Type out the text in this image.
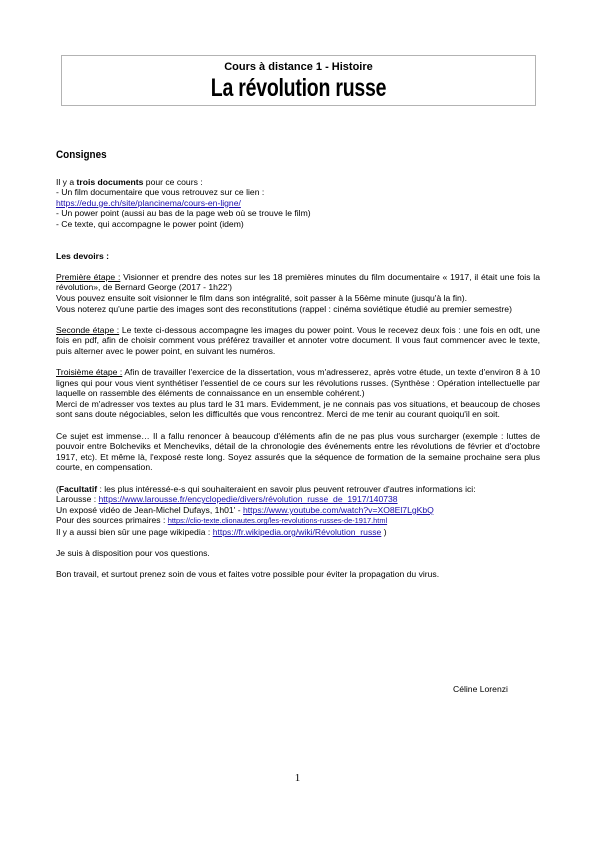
Cours à distance 1 - Histoire
La révolution russe
Consignes

Il y a trois documents pour ce cours :

- Un film documentaire que vous retrouvez sur ce lien :

https://edu.ge.ch/site/plancinema/cours-en-ligne/

- Un power point (aussi au bas de la page web où se trouve le film)

- Ce texte, qui accompagne le power point (idem)

Les devoirs :

Première étape : Visionner et prendre des notes sur les 18 premières minutes du film documentaire « 1917, il était une fois la révolution», de Bernard George (2017 - 1h22')

Vous pouvez ensuite soit visionner le film dans son intégralité, soit passer à la 56ème minute (jusqu'à la fin).

Vous noterez qu'une partie des images sont des reconstitutions (rappel : cinéma soviétique étudié au premier semestre)

Seconde étape : Le texte ci-dessous accompagne les images du power point. Vous le recevez deux fois : une fois en odt, une fois en pdf, afin de choisir comment vous préférez travailler et annoter votre document. Il vous faut commencer avec le texte, puis alterner avec le power point, en suivant les numéros.

Troisième étape : Afin de travailler l'exercice de la dissertation, vous m'adresserez, après votre étude, un texte d'environ 8 à 10 lignes qui pour vous vient synthétiser l'essentiel de ce cours sur les révolutions russes. (Synthèse : Opération intellectuelle par laquelle on rassemble des éléments de connaissance en un ensemble cohérent.)

Merci de m'adresser vos textes au plus tard le 31 mars. Evidemment, je ne connais pas vos situations, et beaucoup de choses sont sans doute négociables, selon les difficultés que vous rencontrez. Merci de me tenir au courant quoiqu'il en soit.

Ce sujet est immense… Il a fallu renoncer à beaucoup d'éléments afin de ne pas plus vous surcharger (exemple : luttes de pouvoir entre Bolcheviks et Mencheviks, détail de la chronologie des événements entre les révolutions de février et d'octobre 1917, etc). Et même là, l'exposé reste long. Soyez assurés que la séquence de formation de la semaine prochaine sera plus courte, en compensation.

(Facultatif : les plus intéressé-e-s qui souhaiteraient en savoir plus peuvent retrouver d'autres informations ici:

Larousse : https://www.larousse.fr/encyclopedie/divers/révolution_russe_de_1917/140738

Un exposé vidéo de Jean-Michel Dufays, 1h01' - https://www.youtube.com/watch?v=XO8El7LgKbQ

Pour des sources primaires : https://clio-texte.clionautes.org/les-revolutions-russes-de-1917.html

Il y a aussi bien sûr une page wikipedia : https://fr.wikipedia.org/wiki/Révolution_russe )

Je suis à disposition pour vos questions.

Bon travail, et surtout prenez soin de vous et faites votre possible pour éviter la propagation du virus.

Céline Lorenzi
1
